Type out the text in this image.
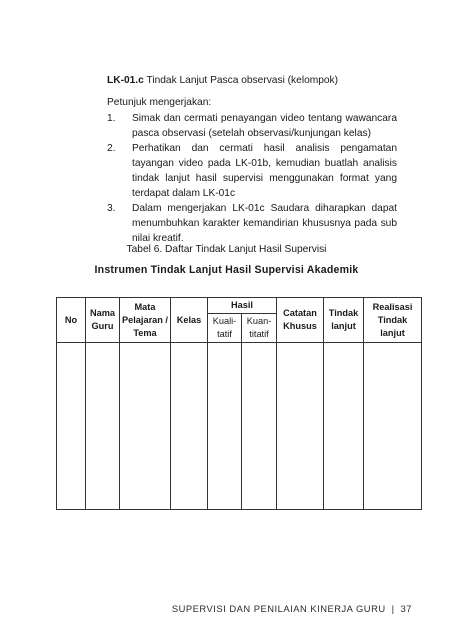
LK-01.c Tindak Lanjut Pasca observasi (kelompok)
Petunjuk mengerjakan:
1. Simak dan cermati penayangan video tentang wawancara pasca observasi (setelah observasi/kunjungan kelas)
2. Perhatikan dan cermati hasil analisis pengamatan tayangan video pada LK-01b, kemudian buatlah analisis tindak lanjut hasil supervisi menggunakan format yang terdapat dalam LK-01c
3. Dalam mengerjakan LK-01c Saudara diharapkan dapat menumbuhkan karakter kemandirian khususnya pada sub nilai kreatif.
Tabel 6. Daftar Tindak Lanjut Hasil Supervisi
Instrumen Tindak Lanjut Hasil Supervisi Akademik
No	Nama Guru	Mata Pelajaran / Tema	Kelas	Hasil		Catatan Khusus	Tindak lanjut	Realisasi Tindak lanjut
				Kuali-tatif	Kuan-titatif			

SUPERVISI DAN PENILAIAN KINERJA GURU | 37
